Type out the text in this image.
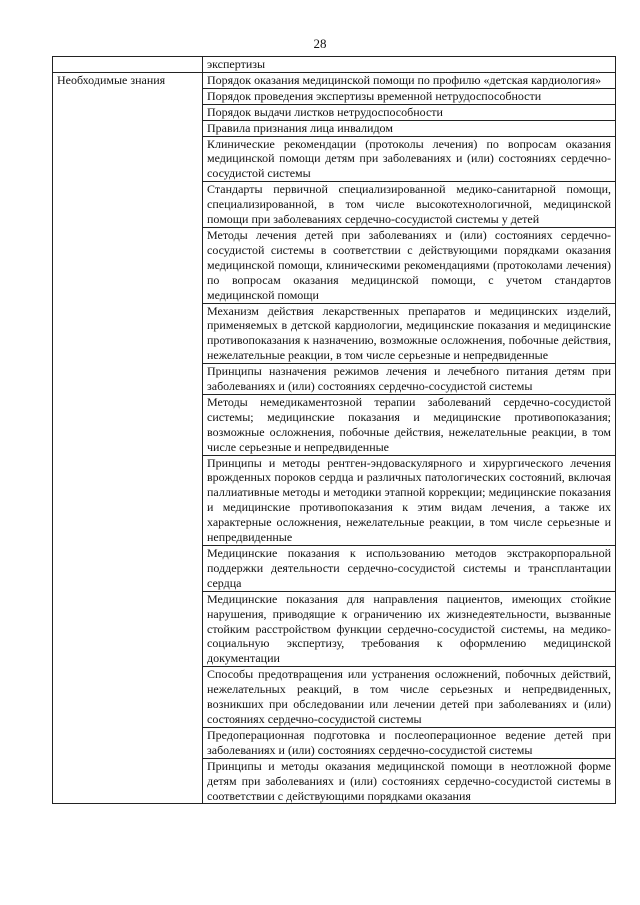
28
	экспертизы
Необходимые знания	Порядок оказания медицинской помощи по профилю «детская кардиология»
	Порядок проведения экспертизы временной нетрудоспособности
	Порядок выдачи листков нетрудоспособности
	Правила признания лица инвалидом
	Клинические рекомендации (протоколы лечения) по вопросам оказания медицинской помощи детям при заболеваниях и (или) состояниях сердечно-сосудистой системы
	Стандарты первичной специализированной медико-санитарной помощи, специализированной, в том числе высокотехнологичной, медицинской помощи при заболеваниях сердечно-сосудистой системы у детей
	Методы лечения детей при заболеваниях и (или) состояниях сердечно-сосудистой системы в соответствии с действующими порядками оказания медицинской помощи, клиническими рекомендациями (протоколами лечения) по вопросам оказания медицинской помощи, с учетом стандартов медицинской помощи
	Механизм действия лекарственных препаратов и медицинских изделий, применяемых в детской кардиологии, медицинские показания и медицинские противопоказания к назначению, возможные осложнения, побочные действия, нежелательные реакции, в том числе серьезные и непредвиденные
	Принципы назначения режимов лечения и лечебного питания детям при заболеваниях и (или) состояниях сердечно-сосудистой системы
	Методы немедикаментозной терапии заболеваний сердечно-сосудистой системы; медицинские показания и медицинские противопоказания; возможные осложнения, побочные действия, нежелательные реакции, в том числе серьезные и непредвиденные
	Принципы и методы рентген-эндоваскулярного и хирургического лечения врожденных пороков сердца и различных патологических состояний, включая паллиативные методы и методики этапной коррекции; медицинские показания и медицинские противопоказания к этим видам лечения, а также их характерные осложнения, нежелательные реакции, в том числе серьезные и непредвиденные
	Медицинские показания к использованию методов экстракорпоральной поддержки деятельности сердечно-сосудистой системы и трансплантации сердца
	Медицинские показания для направления пациентов, имеющих стойкие нарушения, приводящие к ограничению их жизнедеятельности, вызванные стойким расстройством функции сердечно-сосудистой системы, на медико-социальную экспертизу, требования к оформлению медицинской документации
	Способы предотвращения или устранения осложнений, побочных действий, нежелательных реакций, в том числе серьезных и непредвиденных, возникших при обследовании или лечении детей при заболеваниях и (или) состояниях сердечно-сосудистой системы
	Предоперационная подготовка и послеоперационное ведение детей при заболеваниях и (или) состояниях сердечно-сосудистой системы
	Принципы и методы оказания медицинской помощи в неотложной форме детям при заболеваниях и (или) состояниях сердечно-сосудистой системы в соответствии с действующими порядками оказания
